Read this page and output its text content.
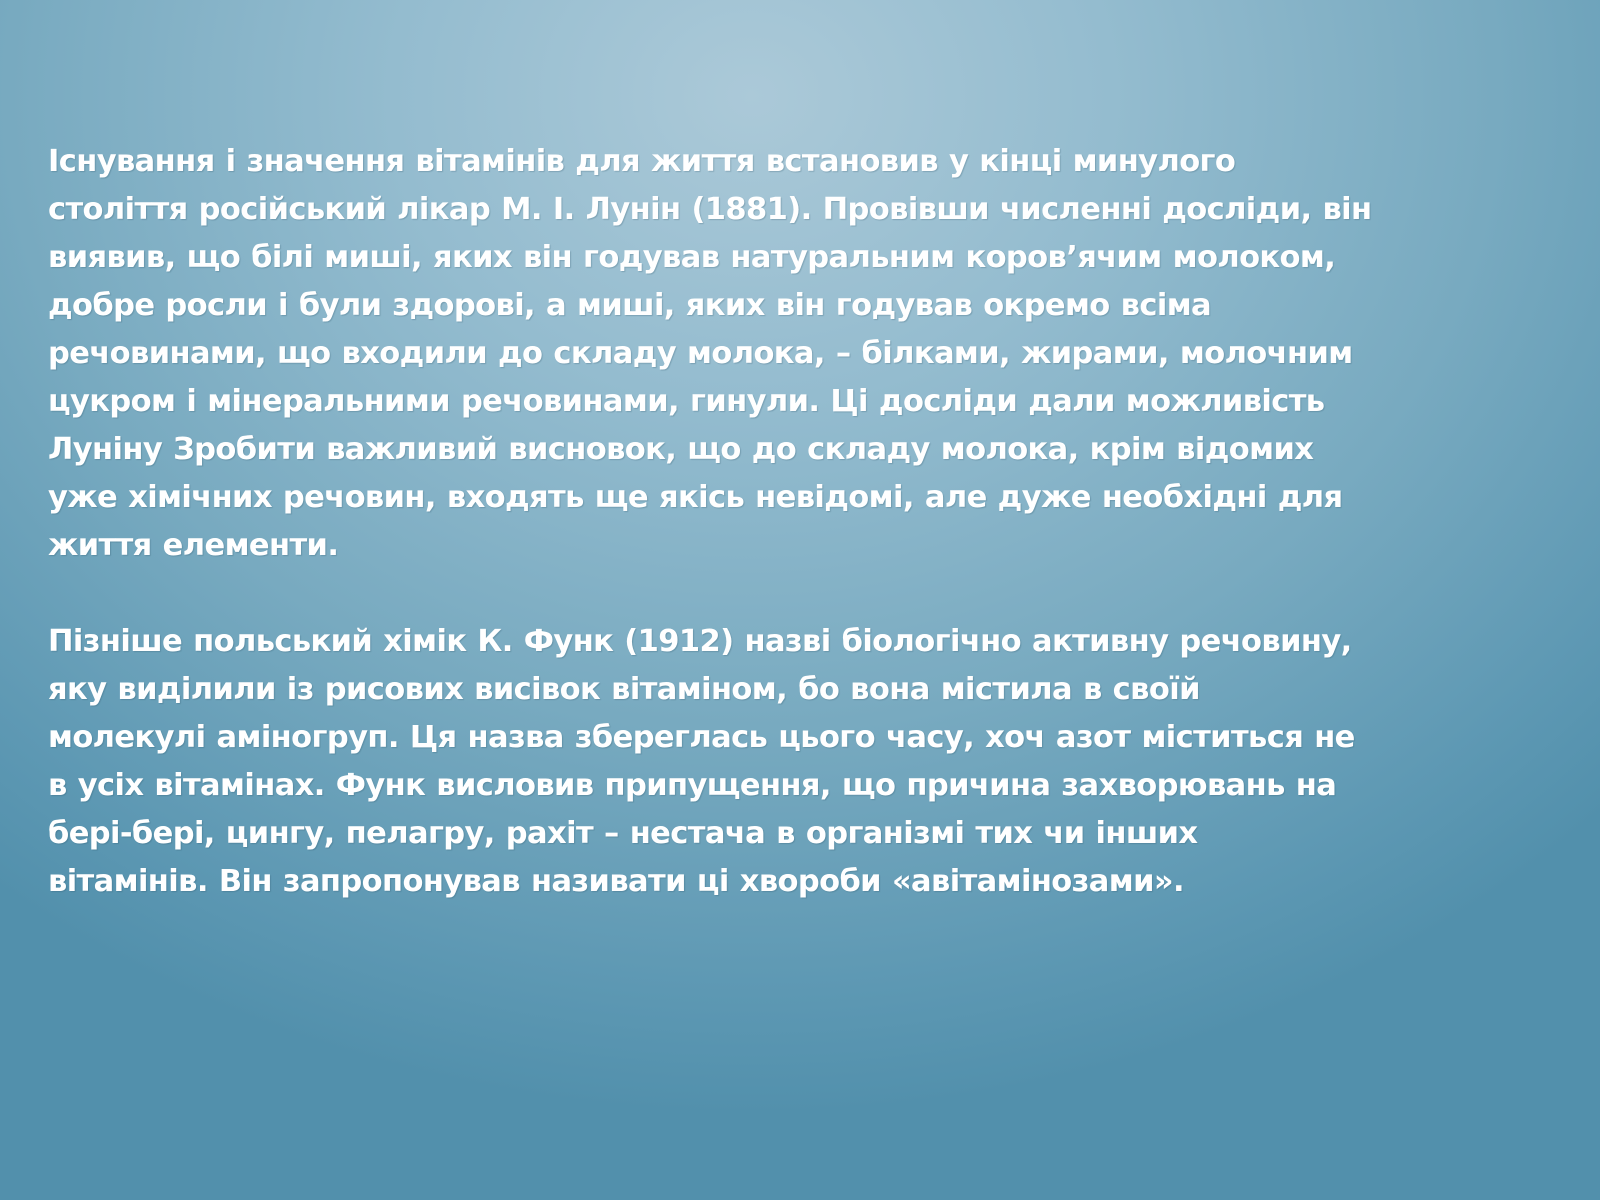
Існування і значення вітамінів для життя встановив у кінці минулого
століття російський лікар М. І. Лунін (1881). Провівши численні досліди, він
виявив, що білі миші, яких він годував натуральним коров’ячим молоком,
добре росли і були здорові, а миші, яких він годував окремо всіма
речовинами, що входили до складу молока, – білками, жирами, молочним
цукром і мінеральними речовинами, гинули. Ці досліди дали можливість
Луніну Зробити важливий висновок, що до складу молока, крім відомих
уже хімічних речовин, входять ще якісь невідомі, але дуже необхідні для
життя елементи.
Пізніше польський хімік К. Функ (1912) назві біологічно активну речовину,
яку виділили із рисових висівок вітаміном, бо вона містила в своїй
молекулі аміногруп. Ця назва збереглась цього часу, хоч азот міститься не
в усіх вітамінах. Функ висловив припущення, що причина захворювань на
бері-бері, цингу, пелагру, рахіт – нестача в організмі тих чи інших
вітамінів. Він запропонував називати ці хвороби «авітамінозами».
